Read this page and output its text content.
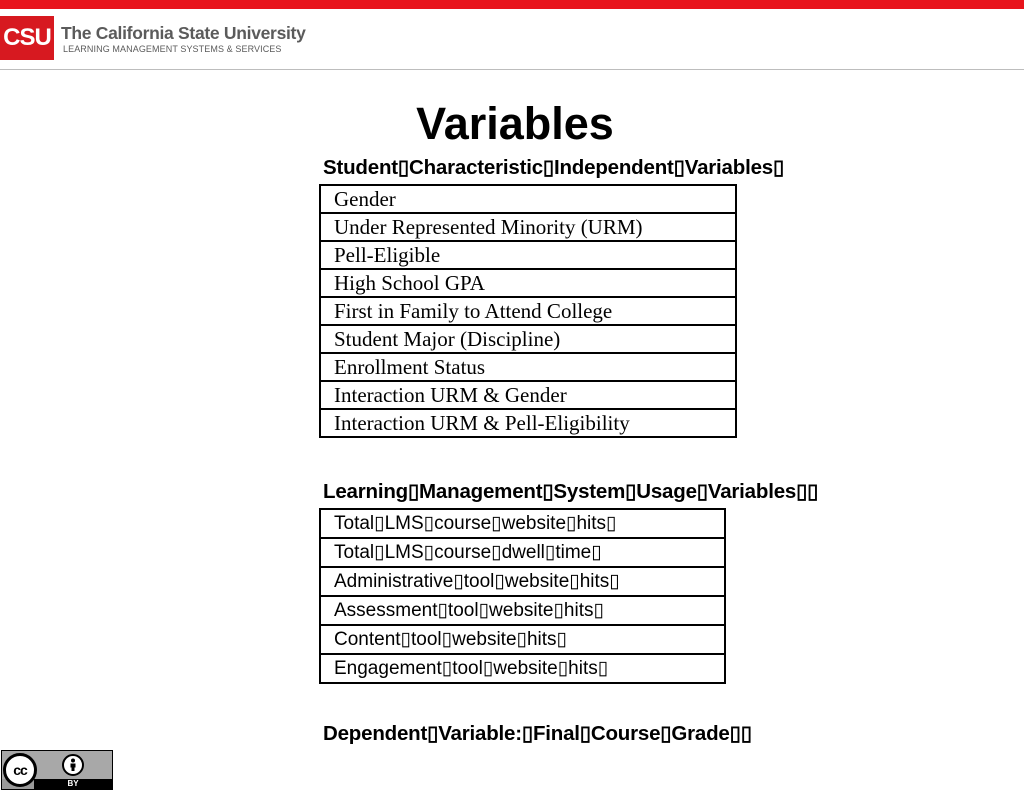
CSU The California State University
LEARNING MANAGEMENT SYSTEMS & SERVICES
Variables
Student▯Characteristic▯Independent▯Variables▯
Gender
Under Represented Minority (URM)
Pell-Eligible
High School GPA
First in Family to Attend College
Student Major (Discipline)
Enrollment Status
Interaction URM & Gender
Interaction URM & Pell-Eligibility
Learning▯Management▯System▯Usage▯Variables▯▯
Total▯LMS▯course▯website▯hits▯
Total▯LMS▯course▯dwell▯time▯
Administrative▯tool▯website▯hits▯
Assessment▯tool▯website▯hits▯
Content▯tool▯website▯hits▯
Engagement▯tool▯website▯hits▯
Dependent▯Variable:▯Final▯Course▯Grade▯▯
cc
BY
